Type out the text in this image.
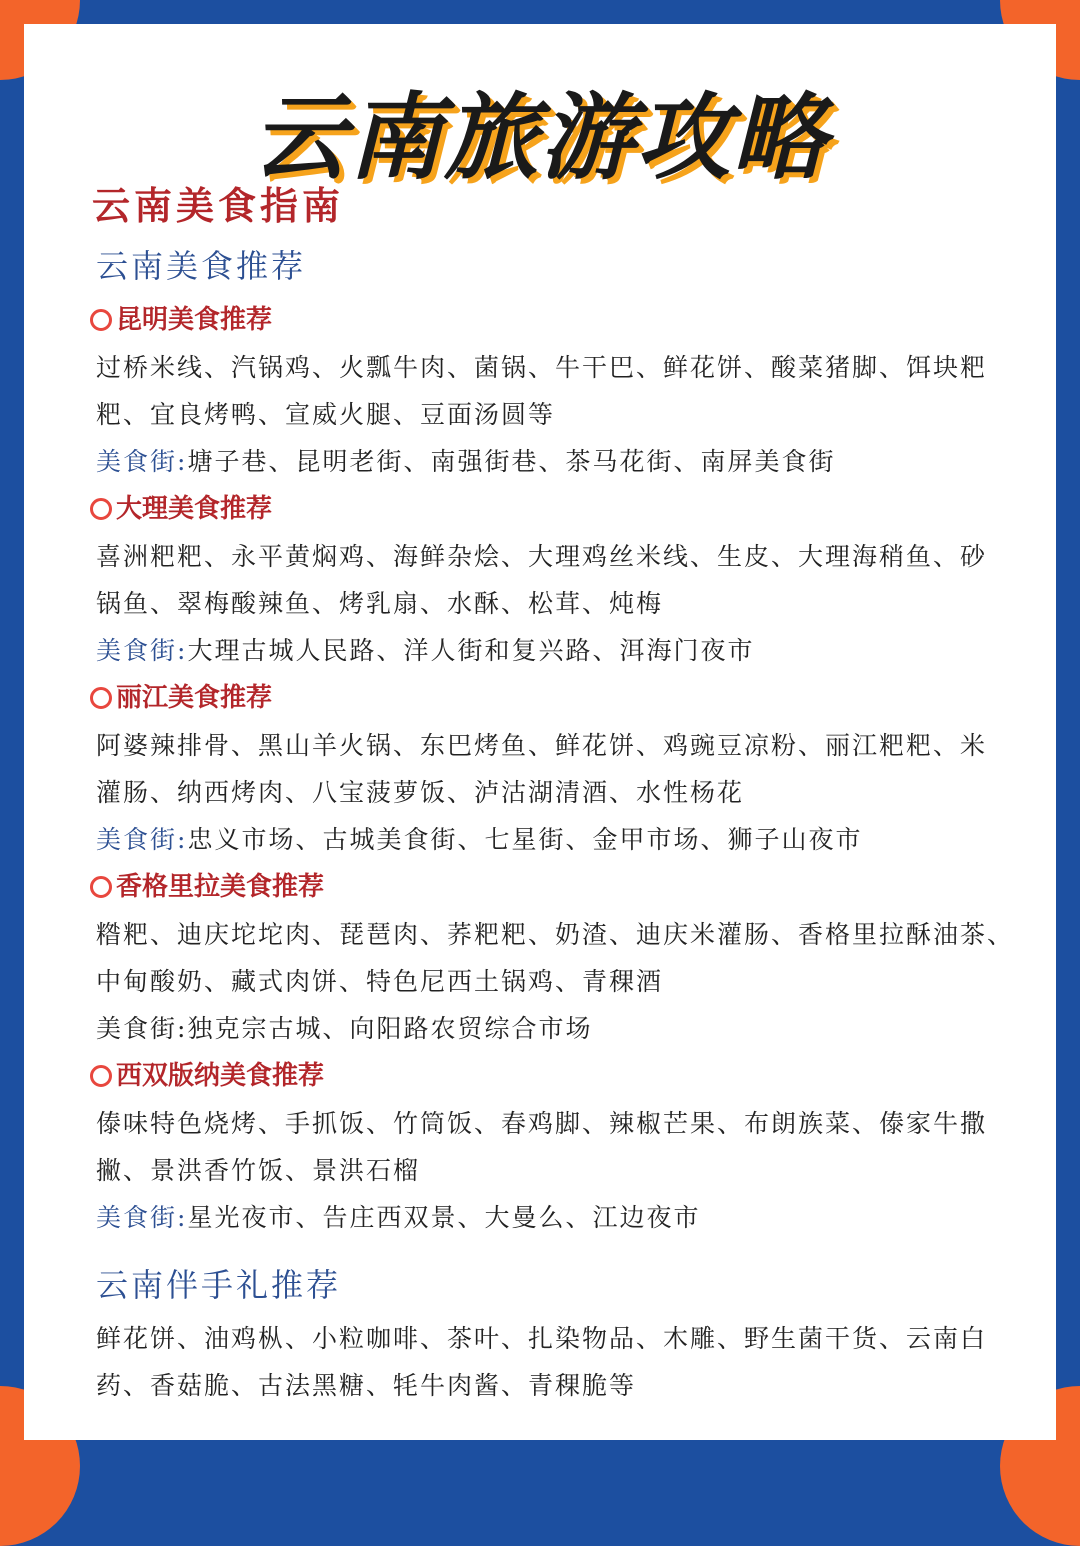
云南旅游攻略
云南美食指南
云南美食推荐
昆明美食推荐
过桥米线、汽锅鸡、火瓢牛肉、菌锅、牛干巴、鲜花饼、酸菜猪脚、饵块粑
粑、宜良烤鸭、宣威火腿、豆面汤圆等
美食街:塘子巷、昆明老街、南强街巷、茶马花街、南屏美食街
大理美食推荐
喜洲粑粑、永平黄焖鸡、海鲜杂烩、大理鸡丝米线、生皮、大理海稍鱼、砂
锅鱼、翠梅酸辣鱼、烤乳扇、水酥、松茸、炖梅
美食街:大理古城人民路、洋人街和复兴路、洱海门夜市
丽江美食推荐
阿婆辣排骨、黑山羊火锅、东巴烤鱼、鲜花饼、鸡豌豆凉粉、丽江粑粑、米
灌肠、纳西烤肉、八宝菠萝饭、泸沽湖清酒、水性杨花
美食街:忠义市场、古城美食街、七星街、金甲市场、狮子山夜市
香格里拉美食推荐
糌粑、迪庆坨坨肉、琵琶肉、荞粑粑、奶渣、迪庆米灌肠、香格里拉酥油茶、
中甸酸奶、藏式肉饼、特色尼西土锅鸡、青稞酒
美食街:独克宗古城、向阳路农贸综合市场
西双版纳美食推荐
傣味特色烧烤、手抓饭、竹筒饭、春鸡脚、辣椒芒果、布朗族菜、傣家牛撒
撇、景洪香竹饭、景洪石榴
美食街:星光夜市、告庄西双景、大曼么、江边夜市
云南伴手礼推荐
鲜花饼、油鸡枞、小粒咖啡、茶叶、扎染物品、木雕、野生菌干货、云南白
药、香菇脆、古法黑糖、牦牛肉酱、青稞脆等
